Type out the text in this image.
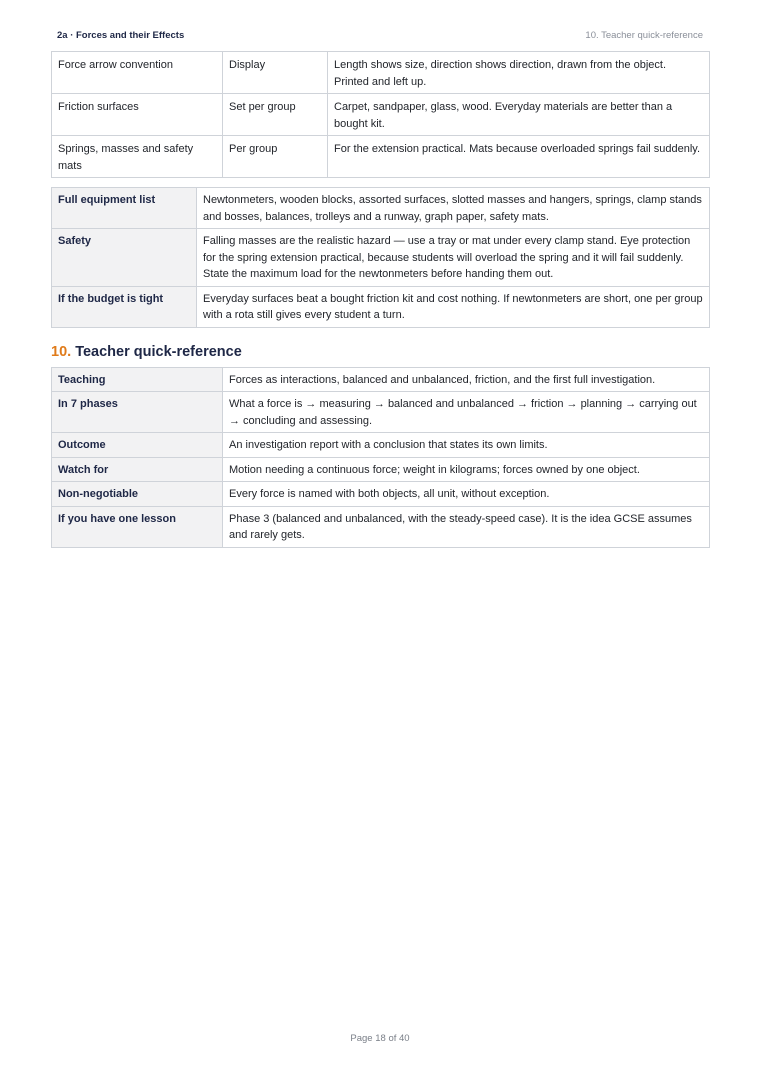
2a · Forces and their Effects	10. Teacher quick-reference
Force arrow convention	Display	Length shows size, direction shows direction, drawn from the object. Printed and left up.
Friction surfaces	Set per group	Carpet, sandpaper, glass, wood. Everyday materials are better than a bought kit.
Springs, masses and safety mats	Per group	For the extension practical. Mats because overloaded springs fail suddenly.
Full equipment list	Newtonmeters, wooden blocks, assorted surfaces, slotted masses and hangers, springs, clamp stands and bosses, balances, trolleys and a runway, graph paper, safety mats.
Safety	Falling masses are the realistic hazard — use a tray or mat under every clamp stand. Eye protection for the spring extension practical, because students will overload the spring and it will fail suddenly. State the maximum load for the newtonmeters before handing them out.
If the budget is tight	Everyday surfaces beat a bought friction kit and cost nothing. If newtonmeters are short, one per group with a rota still gives every student a turn.
10. Teacher quick-reference
Teaching	Forces as interactions, balanced and unbalanced, friction, and the first full investigation.
In 7 phases	What a force is → measuring → balanced and unbalanced → friction → planning → carrying out → concluding and assessing.
Outcome	An investigation report with a conclusion that states its own limits.
Watch for	Motion needing a continuous force; weight in kilograms; forces owned by one object.
Non-negotiable	Every force is named with both objects, all unit, without exception.
If you have one lesson	Phase 3 (balanced and unbalanced, with the steady-speed case). It is the idea GCSE assumes and rarely gets.
Page 18 of 40
